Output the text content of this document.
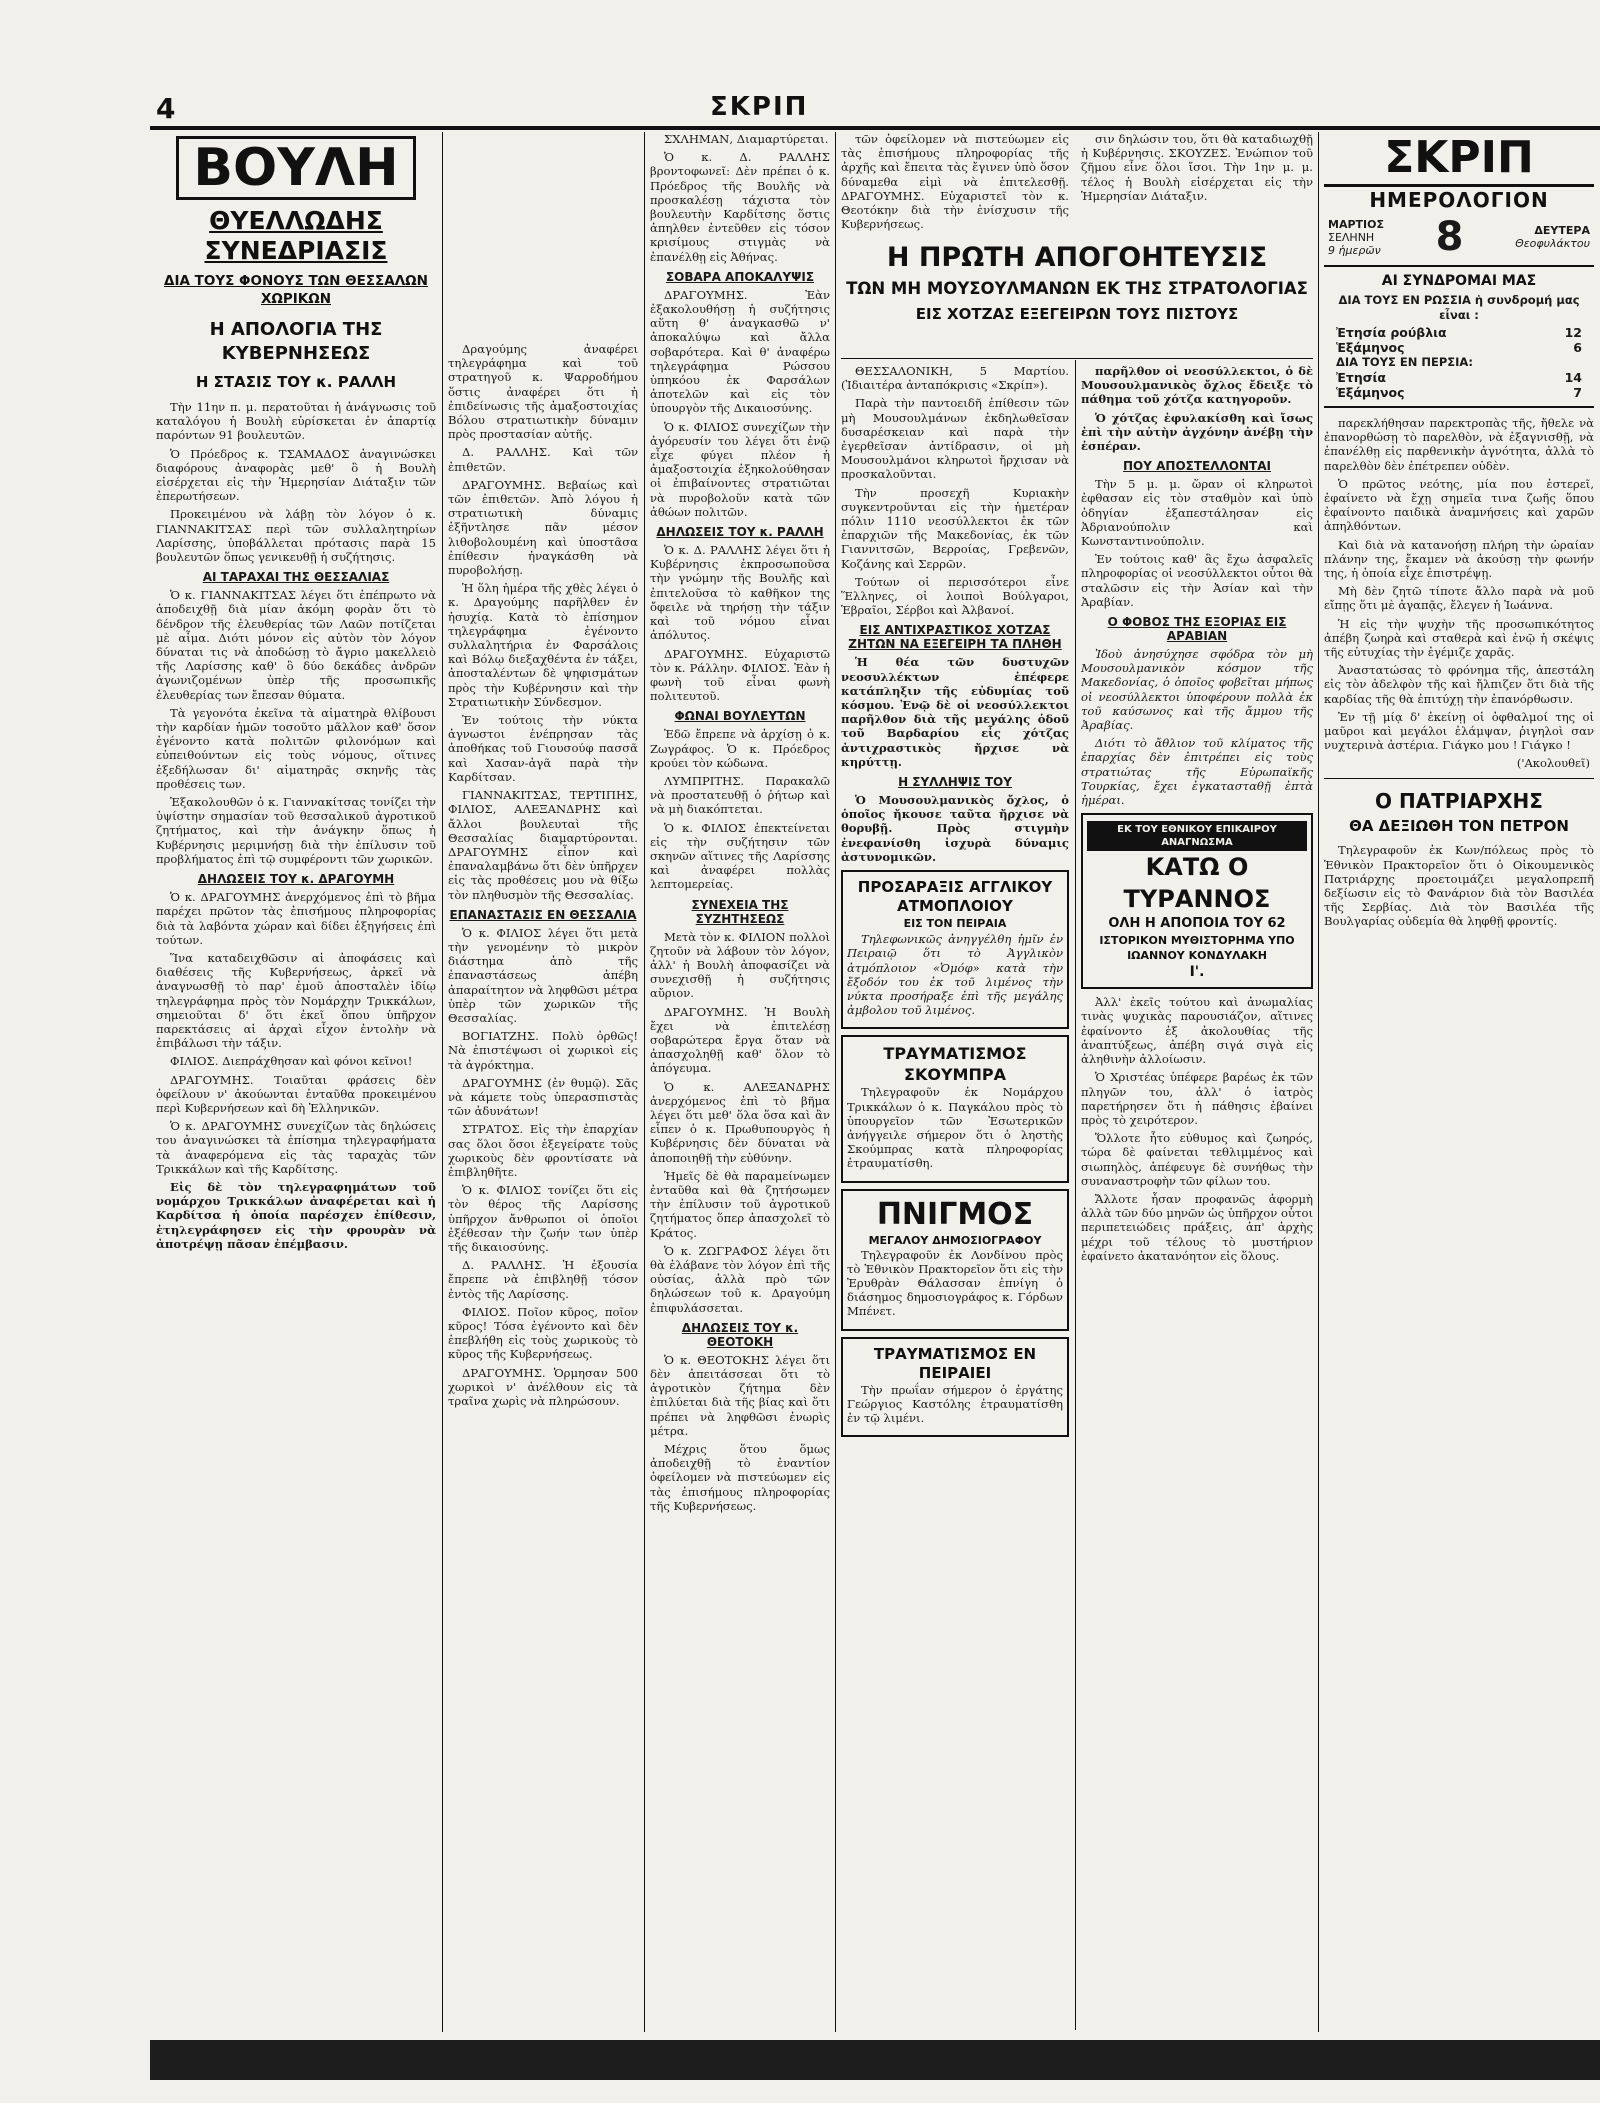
4	ΣΚΡΙΠ
ΒΟΥΛΗ
ΘΥΕΛΛΩΔΗΣ ΣΥΝΕΔΡΙΑΣΙΣ
ΔΙΑ ΤΟΥΣ ΦΟΝΟΥΣ ΤΩΝ ΘΕΣΣΑΛΩΝ ΧΩΡΙΚΩΝ
Η ΑΠΟΛΟΓΙΑ ΤΗΣ ΚΥΒΕΡΝΗΣΕΩΣ
Η ΣΤΑΣΙΣ ΤΟΥ κ. ΡΑΛΛΗ

Τὴν 11ην π. μ. περατοῦται ἡ ἀνάγνωσις τοῦ καταλόγου ἡ Βουλὴ εὑρίσκεται ἐν ἀπαρτίᾳ παρόντων 91 βουλευτῶν.

Ὁ Πρόεδρος κ. ΤΣΑΜΑΔΟΣ ἀναγινώσκει διαφόρους ἀναφορὰς μεθ' ὃ ἡ Βουλὴ εἰσέρχεται εἰς τὴν Ἡμερησίαν Διάταξιν τῶν ἐπερωτήσεων.

Προκειμένου νὰ λάβῃ τὸν λόγον ὁ κ. ΓΙΑΝΝΑΚΙΤΣΑΣ περὶ τῶν συλλαλητηρίων Λαρίσσης, ὑποβάλλεται πρότασις παρὰ 15 βουλευτῶν ὅπως γενικευθῇ ἡ συζήτησις.

ΑΙ ΤΑΡΑΧΑΙ ΤΗΣ ΘΕΣΣΑΛΙΑΣ

Ὁ κ. ΓΙΑΝΝΑΚΙΤΣΑΣ λέγει ὅτι ἐπέπρωτο νὰ ἀποδειχθῇ διὰ μίαν ἀκόμη φορὰν ὅτι τὸ δένδρον τῆς ἐλευθερίας τῶν Λαῶν ποτίζεται μὲ αἷμα. Διότι μόνον εἰς αὐτὸν τὸν λόγον δύναται τις νὰ ἀποδώσῃ τὸ ἄγριο μακελλειὸ τῆς Λαρίσσης καθ' ὃ δύο δεκάδες ἀνδρῶν ἀγωνιζομένων ὑπὲρ τῆς προσωπικῆς ἐλευθερίας των ἔπεσαν θύματα.

Τὰ γεγονότα ἐκεῖνα τὰ αἱματηρὰ θλίβουσι τὴν καρδίαν ἡμῶν τοσοῦτο μᾶλλον καθ' ὅσον ἐγένοντο κατὰ πολιτῶν φιλονόμων καὶ εὐπειθούντων εἰς τοὺς νόμους, οἵτινες ἐξεδήλωσαν δι' αἱματηρᾶς σκηνῆς τὰς προθέσεις των.

Ἐξακολουθῶν ὁ κ. Γιαννακίτσας τονίζει τὴν ὑψίστην σημασίαν τοῦ θεσσαλικοῦ ἀγροτικοῦ ζητήματος, καὶ τὴν ἀνάγκην ὅπως ἡ Κυβέρνησις μεριμνήσῃ διὰ τὴν ἐπίλυσιν τοῦ προβλήματος ἐπὶ τῷ συμφέροντι τῶν χωρικῶν.

ΔΗΛΩΣΕΙΣ ΤΟΥ κ. ΔΡΑΓΟΥΜΗ

Ὁ κ. ΔΡΑΓΟΥΜΗΣ ἀνερχόμενος ἐπὶ τὸ βῆμα παρέχει πρῶτον τὰς ἐπισήμους πληροφορίας διὰ τὰ λαβόντα χώραν καὶ δίδει ἐξηγήσεις ἐπὶ τούτων.

Ἵνα καταδειχθῶσιν αἱ ἀποφάσεις καὶ διαθέσεις τῆς Κυβερνήσεως, ἀρκεῖ νὰ ἀναγνωσθῇ τὸ παρ' ἐμοῦ ἀποσταλὲν ἰδίῳ τηλεγράφημα πρὸς τὸν Νομάρχην Τρικκάλων, σημειοῦται δ' ὅτι ἐκεῖ ὅπου ὑπῆρχον παρεκτάσεις αἱ ἀρχαὶ εἶχον ἐντολὴν νὰ ἐπιβάλωσι τὴν τάξιν.

ΦΙΛΙΟΣ. Διεπράχθησαν καὶ φόνοι κεῖνοι!

ΔΡΑΓΟΥΜΗΣ. Τοιαῦται φράσεις δὲν ὀφείλουν ν' ἀκούωνται ἐνταῦθα προκειμένου περὶ Κυβερνήσεων καὶ δὴ Ἑλληνικῶν.

Ὁ κ. ΔΡΑΓΟΥΜΗΣ συνεχίζων τὰς δηλώσεις του ἀναγινώσκει τὰ ἐπίσημα τηλεγραφήματα τὰ ἀναφερόμενα εἰς τὰς ταραχὰς τῶν Τρικκάλων καὶ τῆς Καρδίτσης.

Εἰς δὲ τὸν τηλεγραφημάτων τοῦ νομάρχου Τρικκάλων ἀναφέρεται καὶ ἡ Καρδίτσα ἡ ὁποία παρέσχεν ἐπίθεσιν, ἐτηλεγράφησεν εἰς τὴν φρουρὰν νὰ ἀποτρέψῃ πᾶσαν ἐπέμβασιν.

Δραγούμης ἀναφέρει τηλεγράφημα καὶ τοῦ στρατηγοῦ κ. Ψαρροδήμου ὅστις ἀναφέρει ὅτι ἡ ἐπιδείνωσις τῆς ἀμαξοστοιχίας Βόλου στρατιωτικὴν δύναμιν πρὸς προστασίαν αὐτῆς.

Δ. ΡΑΛΛΗΣ. Καὶ τῶν ἐπιθετῶν.

ΔΡΑΓΟΥΜΗΣ. Βεβαίως καὶ τῶν ἐπιθετῶν. Ἀπὸ λόγου ἡ στρατιωτικὴ δύναμις ἐξῆντλησε πᾶν μέσον λιθοβολουμένη καὶ ὑποστᾶσα ἐπίθεσιν ἠναγκάσθη νὰ πυροβολήσῃ.

Ἡ ὅλη ἡμέρα τῆς χθὲς λέγει ὁ κ. Δραγούμης παρῆλθεν ἐν ἡσυχίᾳ. Κατὰ τὸ ἐπίσημον τηλεγράφημα ἐγένοντο συλλαλητήρια ἐν Φαρσάλοις καὶ Βόλῳ διεξαχθέντα ἐν τάξει, ἀποσταλέντων δὲ ψηφισμάτων πρὸς τὴν Κυβέρνησιν καὶ τὴν Στρατιωτικὴν Σύνδεσμον.

Ἐν τούτοις τὴν νύκτα ἀγνωστοι ἐνέπρησαν τὰς ἀποθήκας τοῦ Γιουσούφ πασσᾶ καὶ Χασαν-ἀγᾶ παρὰ τὴν Καρδίτσαν.

ΓΙΑΝΝΑΚΙΤΣΑΣ, ΤΕΡΤΙΠΗΣ, ΦΙΛΙΟΣ, ΑΛΕΞΑΝΔΡΗΣ καὶ ἄλλοι βουλευταὶ τῆς Θεσσαλίας διαμαρτύρονται. ΔΡΑΓΟΥΜΗΣ εἶπον καὶ ἐπαναλαμβάνω ὅτι δὲν ὑπῆρχεν εἰς τὰς προθέσεις μου νὰ θίξω τὸν πληθυσμὸν τῆς Θεσσαλίας.

ΕΠΑΝΑΣΤΑΣΙΣ ΕΝ ΘΕΣΣΑΛΙΑ

Ὁ κ. ΦΙΛΙΟΣ λέγει ὅτι μετὰ τὴν γενομένην τὸ μικρὸν διάστημα ἀπὸ τῆς ἐπαναστάσεως ἀπέβη ἀπαραίτητον νὰ ληφθῶσι μέτρα ὑπὲρ τῶν χωρικῶν τῆς Θεσσαλίας.

ΒΟΓΙΑΤΖΗΣ. Πολὺ ὀρθῶς! Νὰ ἐπιστέψωσι οἱ χωρικοὶ εἰς τὰ ἀγρόκτημα.

ΔΡΑΓΟΥΜΗΣ (ἐν θυμῷ). Σᾶς νὰ κάμετε τοὺς ὑπερασπιστὰς τῶν ἀδυνάτων!

ΣΤΡΑΤΟΣ. Εἰς τὴν ἐπαρχίαν σας ὅλοι ὅσοι ἐξεγείρατε τοὺς χωρικοὺς δὲν φροντίσατε νὰ ἐπιβληθῆτε.

Ὁ κ. ΦΙΛΙΟΣ τονίζει ὅτι εἰς τὸν θέρος τῆς Λαρίσσης ὑπῆρχον ἄνθρωποι οἱ ὁποῖοι ἐξέθεσαν τὴν ζωήν των ὑπὲρ τῆς δικαιοσύνης.

Δ. ΡΑΛΛΗΣ. Ἡ ἐξουσία ἔπρεπε νὰ ἐπιβληθῇ τόσον ἐντὸς τῆς Λαρίσσης.

ΦΙΛΙΟΣ. Ποῖον κῦρος, ποῖον κῦρος! Τόσα ἐγένοντο καὶ δὲν ἐπεβλήθη εἰς τοὺς χωρικοὺς τὸ κῦρος τῆς Κυβερνήσεως.

ΔΡΑΓΟΥΜΗΣ. Ὁρμησαν 500 χωρικοὶ ν' ἀνέλθουν εἰς τὰ τραῖνα χωρὶς νὰ πληρώσουν.

ΣΧΛΗΜΑΝ, Διαμαρτύρεται.

Ὁ κ. Δ. ΡΑΛΛΗΣ βροντοφωνεῖ: Δὲν πρέπει ὁ κ. Πρόεδρος τῆς Βουλῆς νὰ προσκαλέσῃ τάχιστα τὸν βουλευτὴν Καρδίτσης ὅστις ἀπηλθεν ἐντεῦθεν εἰς τόσον κρισίμους στιγμὰς νὰ ἐπανέλθῃ εἰς Ἀθήνας.

ΣΟΒΑΡΑ ΑΠΟΚΑΛΥΨΙΣ

ΔΡΑΓΟΥΜΗΣ. Ἐὰν ἐξακολουθήσῃ ἡ συζήτησις αὕτη θ' ἀναγκασθῶ ν' ἀποκαλύψω καὶ ἄλλα σοβαρότερα. Καὶ θ' ἀναφέρω τηλεγράφημα Ρώσσου ὑπηκόου ἐκ Φαρσάλων ἀποτελῶν καὶ εἰς τὸν ὑπουργὸν τῆς Δικαιοσύνης.

Ὁ κ. ΦΙΛΙΟΣ συνεχίζων τὴν ἀγόρευσίν του λέγει ὅτι ἐνῷ εἶχε φύγει πλέον ἡ ἀμαξοστοιχία ἐξηκολούθησαν οἱ ἐπιβαίνοντες στρατιῶται νὰ πυροβολοῦν κατὰ τῶν ἀθώων πολιτῶν.

ΔΗΛΩΣΕΙΣ ΤΟΥ κ. ΡΑΛΛΗ

Ὁ κ. Δ. ΡΑΛΛΗΣ λέγει ὅτι ἡ Κυβέρνησις ἐκπροσωποῦσα τὴν γνώμην τῆς Βουλῆς καὶ ἐπιτελοῦσα τὸ καθῆκον της ὄφειλε νὰ τηρήσῃ τὴν τάξιν καὶ τοῦ νόμου εἶναι ἀπόλυτος.

ΔΡΑΓΟΥΜΗΣ. Εὐχαριστῶ τὸν κ. Ράλλην. ΦΙΛΙΟΣ. Ἐὰν ἡ φωνὴ τοῦ εἶναι φωνὴ πολιτευτοῦ.

ΦΩΝΑΙ ΒΟΥΛΕΥΤΩΝ

Ἐδῶ ἔπρεπε νὰ ἀρχίσῃ ὁ κ. Ζωγράφος. Ὁ κ. Πρόεδρος κρούει τὸν κώδωνα.

ΛΥΜΠΡΙΤΗΣ. Παρακαλῶ νὰ προστατευθῇ ὁ ῥήτωρ καὶ νὰ μὴ διακόπτεται.

Ὁ κ. ΦΙΛΙΟΣ ἐπεκτείνεται εἰς τὴν συζήτησιν τῶν σκηνῶν αἵτινες τῆς Λαρίσσης καὶ ἀναφέρει πολλὰς λεπτομερείας.

ΣΥΝΕΧΕΙΑ ΤΗΣ ΣΥΖΗΤΗΣΕΩΣ

Μετὰ τὸν κ. ΦΙΛΙΟΝ πολλοὶ ζητοῦν νὰ λάβουν τὸν λόγον, ἀλλ' ἡ Βουλὴ ἀποφασίζει νὰ συνεχισθῇ ἡ συζήτησις αὔριον.

ΔΡΑΓΟΥΜΗΣ. Ἡ Βουλὴ ἔχει νὰ ἐπιτελέσῃ σοβαρώτερα ἔργα ὅταν νὰ ἀπασχοληθῇ καθ' ὅλον τὸ ἀπόγευμα.

Ὁ κ. ΑΛΕΞΑΝΔΡΗΣ ἀνερχόμενος ἐπὶ τὸ βῆμα λέγει ὅτι μεθ' ὅλα ὅσα καὶ ἂν εἶπεν ὁ κ. Πρωθυπουργὸς ἡ Κυβέρνησις δὲν δύναται νὰ ἀποποιηθῇ τὴν εὐθύνην.

Ἡμεῖς δὲ θὰ παραμείνωμεν ἐνταῦθα καὶ θὰ ζητήσωμεν τὴν ἐπίλυσιν τοῦ ἀγροτικοῦ ζητήματος ὅπερ ἀπασχολεῖ τὸ Κράτος.

Ὁ κ. ΖΩΓΡΑΦΟΣ λέγει ὅτι θὰ ἐλάβανε τὸν λόγον ἐπὶ τῆς οὐσίας, ἀλλὰ πρὸ τῶν δηλώσεων τοῦ κ. Δραγούμη ἐπιφυλάσσεται.

ΔΗΛΩΣΕΙΣ ΤΟΥ κ. ΘΕΟΤΟΚΗ

Ὁ κ. ΘΕΟΤΟΚΗΣ λέγει ὅτι δὲν ἀπειτάσσεαι ὅτι τὸ ἀγροτικὸν ζήτημα δὲν ἐπιλύεται διὰ τῆς βίας καὶ ὅτι πρέπει νὰ ληφθῶσι ἐνωρὶς μέτρα.

Μέχρις ὅτου ὅμως ἀποδειχθῇ τὸ ἐναντίον ὀφείλομεν νὰ πιστεύωμεν εἰς τὰς ἐπισήμους πληροφορίας τῆς Κυβερνήσεως.

τῶν ὀφείλομεν νὰ πιστεύωμεν εἰς τὰς ἐπισήμους πληροφορίας τῆς ἀρχῆς καὶ ἔπειτα τὰς ἔγινεν ὑπὸ ὅσον δύναμεθα εἰμὶ νὰ ἐπιτελεσθῇ. ΔΡΑΓΟΥΜΗΣ. Εὐχαριστεῖ τὸν κ. Θεοτόκην διὰ τὴν ἐνίσχυσιν τῆς Κυβερνήσεως.

σιν δηλώσιν του, ὅτι θὰ καταδιωχθῇ ἡ Κυβέρνησις. ΣΚΟΥΖΕΣ. Ἐνώπιον τοῦ ζῆμου εἶνε ὅλοι ἴσοι. Τὴν 1ην μ. μ. τέλος ἡ Βουλὴ εἰσέρχεται εἰς τὴν Ἡμερησίαν Διάταξιν.

Η ΠΡΩΤΗ ΑΠΟΓΟΗΤΕΥΣΙΣ
ΤΩΝ ΜΗ ΜΟΥΣΟΥΛΜΑΝΩΝ ΕΚ ΤΗΣ ΣΤΡΑΤΟΛΟΓΙΑΣ
ΕΙΣ ΧΟΤΖΑΣ ΕΞΕΓΕΙΡΩΝ ΤΟΥΣ ΠΙΣΤΟΥΣ

ΘΕΣΣΑΛΟΝΙΚΗ, 5 Μαρτίου. (Ἰδιαιτέρα ἀνταπόκρισις «Σκρίπ»).

Παρὰ τὴν παντοειδῆ ἐπίθεσιν τῶν μὴ Μουσουλμάνων ἐκδηλωθεῖσαν δυσαρέσκειαν καὶ παρὰ τὴν ἐγερθεῖσαν ἀντίδρασιν, οἱ μὴ Μουσουλμάνοι κληρωτοὶ ἤρχισαν νὰ προσκαλοῦνται.

Τὴν προσεχῆ Κυριακὴν συγκεντροῦνται εἰς τὴν ἡμετέραν πόλιν 1110 νεοσύλλεκτοι ἐκ τῶν ἐπαρχιῶν τῆς Μακεδονίας, ἐκ τῶν Γιαννιτσῶν, Βερροίας, Γρεβενῶν, Κοζάνης καὶ Σερρῶν.

Τούτων οἱ περισσότεροι εἶνε Ἕλληνες, οἱ λοιποὶ Βούλγαροι, Ἑβραῖοι, Σέρβοι καὶ Ἀλβανοί.

ΕΙΣ ΑΝΤΙΧΡΑΣΤΙΚΟΣ ΧΟΤΖΑΣ ΖΗΤΩΝ ΝΑ ΕΞΕΓΕΙΡΗ ΤΑ ΠΛΗΘΗ

Ἡ θέα τῶν δυστυχῶν νεοσυλλέκτων ἐπέφερε κατάπληξιν τῆς εὐδυμίας τοῦ κόσμου. Ἐνῷ δὲ οἱ νεοσύλλεκτοι παρῆλθον διὰ τῆς μεγάλης ὁδοῦ τοῦ Βαρδαρίου εἷς χότζας ἀντιχραστικὸς ἤρχισε νὰ κηρύττῃ.

Η ΣΥΛΛΗΨΙΣ ΤΟΥ

Ὁ Μουσουλμανικὸς ὄχλος, ὁ ὁποῖος ἤκουσε ταῦτα ἤρχισε νὰ θορυβῇ. Πρὸς στιγμὴν ἐνεφανίσθη ἰσχυρὰ δύναμις ἀστυνομικῶν.

ΠΡΟΣΑΡΑΞΙΣ ΑΓΓΛΙΚΟΥ ΑΤΜΟΠΛΟΙΟΥ
ΕΙΣ ΤΟΝ ΠΕΙΡΑΙΑ

Τηλεφωνικῶς ἀνηγγέλθη ἡμῖν ἐν Πειραιῷ ὅτι τὸ Ἀγγλικὸν ἀτμόπλοιον «Ὁμόφ» κατὰ τὴν ἔξοδόν του ἐκ τοῦ λιμένος τὴν νύκτα προσήραξε ἐπὶ τῆς μεγάλης ἀμβολου τοῦ λιμένος.

ΤΡΑΥΜΑΤΙΣΜΟΣ ΣΚΟΥΜΠΡΑ

Τηλεγραφοῦν ἐκ Νομάρχου Τρικκάλων ὁ κ. Παγκάλου πρὸς τὸ ὑπουργεῖον τῶν Ἐσωτερικῶν ἀνήγγειλε σήμερον ὅτι ὁ ληστὴς Σκούμπρας κατὰ πληροφορίας ἐτραυματίσθη.

ΠΝΙΓΜΟΣ
ΜΕΓΑΛΟΥ ΔΗΜΟΣΙΟΓΡΑΦΟΥ

Τηλεγραφοῦν ἐκ Λονδίνου πρὸς τὸ Ἑθνικὸν Πρακτορεῖον ὅτι εἰς τὴν Ἐρυθρὰν Θάλασσαν ἐπνίγη ὁ διάσημος δημοσιογράφος κ. Γόρδων Μπένετ.

ΤΡΑΥΜΑΤΙΣΜΟΣ ΕΝ ΠΕΙΡΑΙΕΙ

Τὴν πρωΐαν σήμερον ὁ ἐργάτης Γεώργιος Καστόλης ἐτραυματίσθη ἐν τῷ λιμένι.

παρῆλθον οἱ νεοσύλλεκτοι, ὁ δὲ Μουσουλμανικὸς ὄχλος ἔδειξε τὸ πάθημα τοῦ χότζα κατηγοροῦν.

Ὁ χότζας ἐφυλακίσθη καὶ ἴσως ἐπὶ τὴν αὐτὴν ἀγχόνην ἀνέβῃ τὴν ἐσπέραν.

ΠΟΥ ΑΠΟΣΤΕΛΛΟΝΤΑΙ

Τὴν 5 μ. μ. ὥραν οἱ κληρωτοὶ ἐφθασαν εἰς τὸν σταθμὸν καὶ ὑπὸ ὁδηγίαν ἐξαπεστάλησαν εἰς Ἀδριανούπολιν καὶ Κωνσταντινούπολιν.

Ἐν τούτοις καθ' ἃς ἔχω ἀσφαλεῖς πληροφορίας οἱ νεοσύλλεκτοι οὗτοι θὰ σταλῶσιν εἰς τὴν Ἀσίαν καὶ τὴν Ἀραβίαν.

Ο ΦΟΒΟΣ ΤΗΣ ΕΞΟΡΙΑΣ ΕΙΣ ΑΡΑΒΙΑΝ

Ἰδοὺ ἀνησύχησε σφόδρα τὸν μὴ Μουσουλμανικὸν κόσμον τῆς Μακεδονίας, ὁ ὁποῖος φοβεῖται μήπως οἱ νεοσύλλεκτοι ὑποφέρουν πολλὰ ἐκ τοῦ καύσωνος καὶ τῆς ἄμμου τῆς Ἀραβίας.

Διότι τὸ ἄθλιον τοῦ κλίματος τῆς ἐπαρχίας δὲν ἐπιτρέπει εἰς τοὺς στρατιώτας τῆς Εὐρωπαϊκῆς Τουρκίας, ἔχει ἐγκατασταθῇ ἑπτὰ ἡμέραι.

ΕΚ ΤΟΥ ΕΘΝΙΚΟΥ ΕΠΙΚΑΙΡΟΥ ΑΝΑΓΝΩΣΜΑ
ΚΑΤΩ Ο ΤΥΡΑΝΝΟΣ
ΟΛΗ Η ΑΠΟΠΟΙΑ ΤΟΥ 62
ΙΣΤΟΡΙΚΟΝ ΜΥΘΙΣΤΟΡΗΜΑ ΥΠΟ ΙΩΑΝΝΟΥ ΚΟΝΔΥΛΑΚΗ
Ι'.

Ἀλλ' ἐκεῖς τούτου καὶ ἀνωμαλίας τινὰς ψυχικὰς παρουσιάζον, αἵτινες ἐφαίνοντο ἐξ ἀκολουθίας τῆς ἀναπτύξεως, ἀπέβη σιγά σιγὰ εἰς ἀληθινὴν ἀλλοίωσιν.

Ὁ Χριστέας ὑπέφερε βαρέως ἐκ τῶν πληγῶν του, ἀλλ' ὁ ἰατρὸς παρετήρησεν ὅτι ἡ πάθησις ἐβαίνει πρὸς τὸ χειρότερον.

Ὅλλοτε ἦτο εὐθυμος καὶ ζωηρός, τώρα δὲ φαίνεται τεθλιμμένος καὶ σιωπηλὸς, ἀπέφευγε δὲ συνήθως τὴν συναναστροφὴν τῶν φίλων του.

Ἄλλοτε ἦσαν προφανῶς ἀφορμὴ ἀλλὰ τῶν δύο μηνῶν ὡς ὑπῆρχον οὗτοι περιπετειώδεις πράξεις, ἀπ' ἀρχὴς μέχρι τοῦ τέλους τὸ μυστήριον ἐφαίνετο ἀκατανόητον εἰς ὅλους.

ΣΚΡΙΠ
ΗΜΕΡΟΛΟΓΙΟΝ
ΜΑΡΤΙΟΣ
ΣΕΛΗΝΗ
9 ἡμερῶν 8	ΔΕΥΤΕΡΑ
Θεοφυλάκτου
ΑΙ ΣΥΝΔΡΟΜΑΙ ΜΑΣ
ΔΙΑ ΤΟΥΣ ΕΝ ΡΩΣΣΙΑ ἡ συνδρομή μας εἶναι :
Ἐτησία ρούβλια	12
Ἑξάμηνος	6
ΔΙΑ ΤΟΥΣ ΕΝ ΠΕΡΣΙΑ:
Ἐτησία	14
Ἑξάμηνος	7

παρεκλήθησαν παρεκτροπὰς τῆς, ἤθελε νὰ ἐπανορθώσῃ τὸ παρελθὸν, νὰ ἐξαγνισθῇ, νὰ ἐπανέλθῃ εἰς παρθενικὴν ἀγνότητα, ἀλλὰ τὸ παρελθὸν δὲν ἐπέτρεπεν οὐδὲν.

Ὁ πρῶτος νεότης, μία που ἐστερεῖ, ἐφαίνετο νὰ ἔχῃ σημεῖα τινα ζωῆς ὅπου ἐφαίνοντο παιδικὰ ἀναμνήσεις καὶ χαρῶν ἀπηλθόντων.

Καὶ διὰ νὰ κατανοήσῃ πλήρη τὴν ὡραίαν πλάνην της, ἔκαμεν νὰ ἀκούσῃ τὴν φωνήν της, ἡ ὁποία εἶχε ἐπιστρέψῃ.

Μὴ δὲν ζητῶ τίποτε ἄλλο παρὰ νὰ μοῦ εἴπῃς ὅτι μὲ ἀγαπᾷς, ἔλεγεν ἡ Ἰωάννα.

Ἡ εἰς τὴν ψυχὴν τῆς προσωπικότητος ἀπέβη ζωηρὰ καὶ σταθερὰ καὶ ἐνῷ ἡ σκέψις τῆς εὐτυχίας τὴν ἐγέμιζε χαρᾶς.

Ἀναστατώσας τὸ φρόνημα τῆς, ἀπεστάλη εἰς τὸν ἀδελφὸν τῆς καὶ ἤλπιζεν ὅτι διὰ τῆς καρδίας τῆς θὰ ἐπιτύχῃ τὴν ἐπανόρθωσιν.

Ἐν τῇ μίᾳ δ' ἐκείνῃ οἱ ὀφθαλμοί της οἱ μαῦροι καὶ μεγάλοι ἐλάμψαν, ῥιγηλοὶ σαν νυχτερινὰ ἀστέρια. Γιάγκο μου ! Γιάγκο !

('Ακολουθεῖ)
Ο ΠΑΤΡΙΑΡΧΗΣ
ΘΑ ΔΕΞΙΩΘΗ ΤΟΝ ΠΕΤΡΟΝ

Τηλεγραφοῦν ἐκ Κων/πόλεως πρὸς τὸ Ἑθνικὸν Πρακτορεῖον ὅτι ὁ Οἰκουμενικὸς Πατριάρχης προετοιμάζει μεγαλοπρεπῆ δεξίωσιν εἰς τὸ Φανάριον διὰ τὸν Βασιλέα τῆς Σερβίας. Διὰ τὸν Βασιλέα τῆς Βουλγαρίας οὐδεμία θὰ ληφθῇ φροντίς.
